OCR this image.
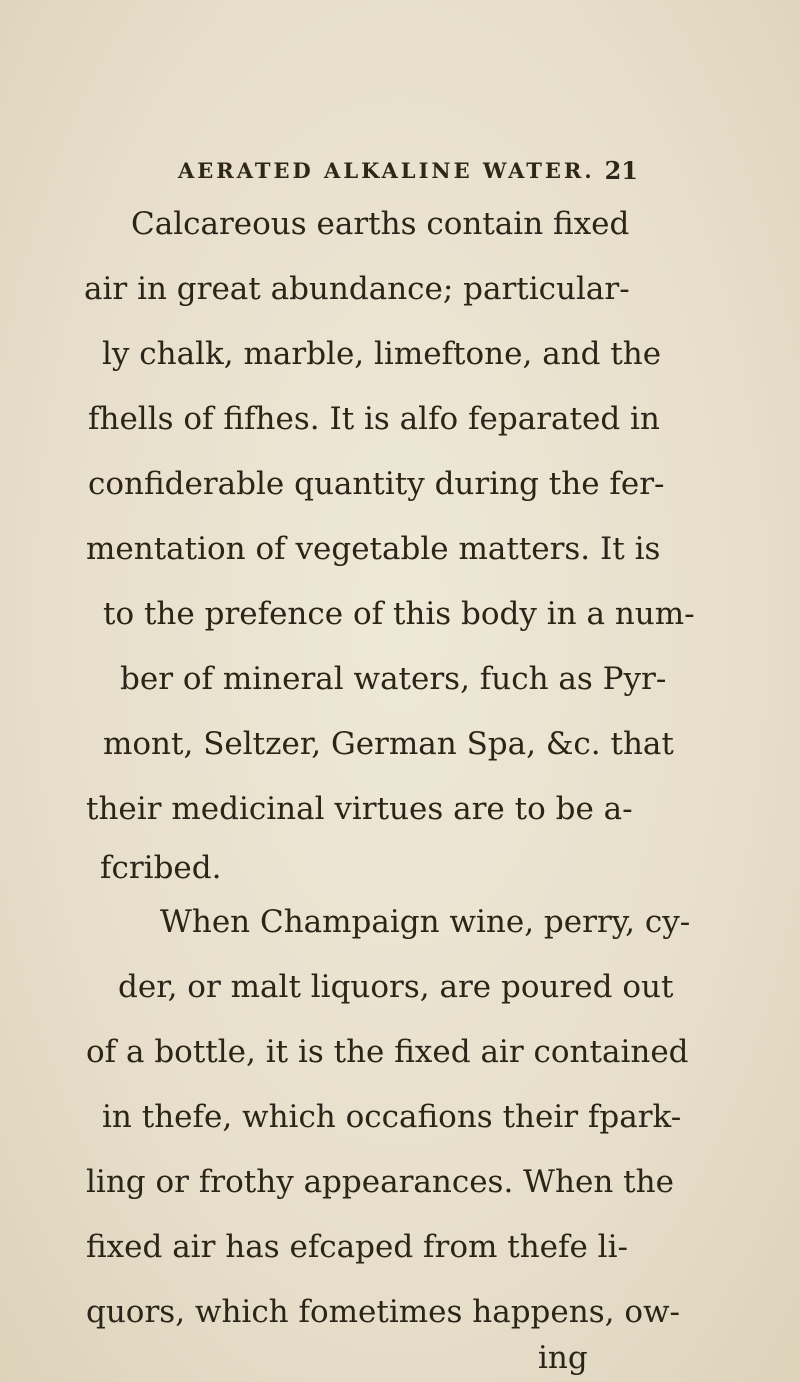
AERATED ALKALINE WATER. 21
Calcareous earths contain fixed
air in great abundance; particular-
ly chalk, marble, limeftone, and the
fhells of fifhes. It is alfo feparated in
confiderable quantity during the fer-
mentation of vegetable matters. It is
to the prefence of this body in a num-
ber of mineral waters, fuch as Pyr-
mont, Seltzer, German Spa, &c. that
their medicinal virtues are to be a-
fcribed.
When Champaign wine, perry, cy-
der, or malt liquors, are poured out
of a bottle, it is the fixed air contained
in thefe, which occafions their fpark-
ling or frothy appearances. When the
fixed air has efcaped from thefe li-
quors, which fometimes happens, ow-
ing
